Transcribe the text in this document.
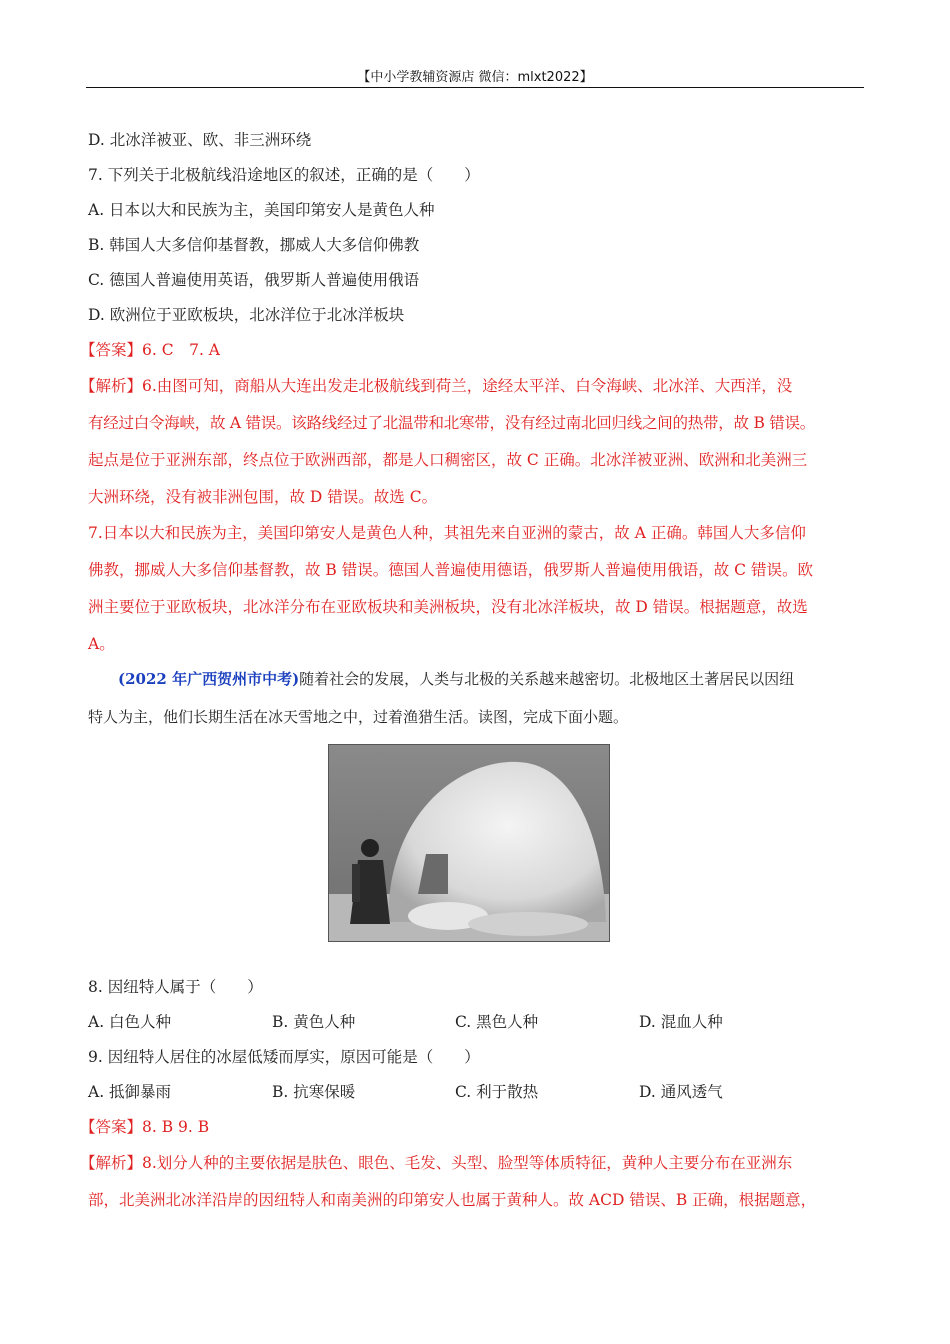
【中小学教辅资源店 微信：mlxt2022】
D. 北冰洋被亚、欧、非三洲环绕
7. 下列关于北极航线沿途地区的叙述，正确的是（　　）
A. 日本以大和民族为主，美国印第安人是黄色人种
B. 韩国人大多信仰基督教，挪威人大多信仰佛教
C. 德国人普遍使用英语，俄罗斯人普遍使用俄语
D. 欧洲位于亚欧板块，北冰洋位于北冰洋板块
【答案】6. C　7. A
【解析】6.由图可知，商船从大连出发走北极航线到荷兰，途经太平洋、白令海峡、北冰洋、大西洋，没
有经过白令海峡，故 A 错误。该路线经过了北温带和北寒带，没有经过南北回归线之间的热带，故 B 错误。
起点是位于亚洲东部，终点位于欧洲西部，都是人口稠密区，故 C 正确。北冰洋被亚洲、欧洲和北美洲三
大洲环绕，没有被非洲包围，故 D 错误。故选 C。
7.日本以大和民族为主，美国印第安人是黄色人种，其祖先来自亚洲的蒙古，故 A 正确。韩国人大多信仰
佛教，挪威人大多信仰基督教，故 B 错误。德国人普遍使用德语，俄罗斯人普遍使用俄语，故 C 错误。欧
洲主要位于亚欧板块，北冰洋分布在亚欧板块和美洲板块，没有北冰洋板块，故 D 错误。根据题意，故选
A。
(2022 年广西贺州市中考)随着社会的发展，人类与北极的关系越来越密切。北极地区土著居民以因纽
特人为主，他们长期生活在冰天雪地之中，过着渔猎生活。读图，完成下面小题。
8. 因纽特人属于（　　）
A. 白色人种	B. 黄色人种	C. 黑色人种	D. 混血人种
9. 因纽特人居住的冰屋低矮而厚实，原因可能是（　　）
A. 抵御暴雨	B. 抗寒保暖	C. 利于散热	D. 通风透气
【答案】8. B 9. B
【解析】8.划分人种的主要依据是肤色、眼色、毛发、头型、脸型等体质特征，黄种人主要分布在亚洲东
部，北美洲北冰洋沿岸的因纽特人和南美洲的印第安人也属于黄种人。故 ACD 错误、B 正确，根据题意，
